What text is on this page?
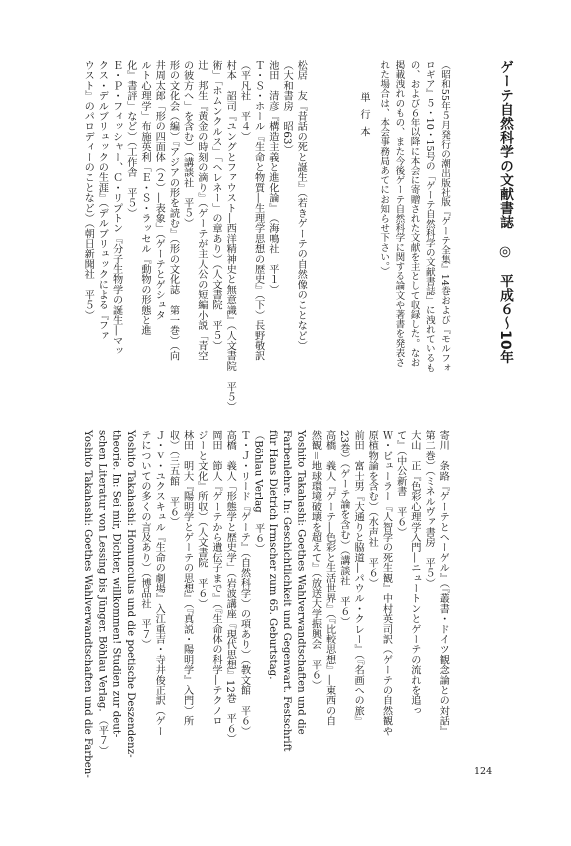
ゲーテ自然科学の文献書誌　◎　平成６〜10年
（昭和55年５月発行の潮出版社版『ゲーテ全集』14巻および『モルフォ
ロギア』５・10・15号の「ゲーテ自然科学の文献書誌」に洩れているも
の、および６年以降に本会に寄贈された文献を主として収録した。なお
掲載洩れのもの、また今後ゲーテ自然科学に関する論文や著書を発表さ
れた場合は、本会事務局あてにお知らせ下さい。）
単行本
松居　友『昔話の死と誕生』（若きゲーテの自然像のことなど）
（大和書房　昭63）
池田　清彦『構造主義と進化論』　（海鳴社　平１）
Ｔ・Ｓ・ホール『生命と物質―生理学思想の歴史』（下）長野敬訳
（平凡社　平４）
村本　詔司『ユングとファウスト―西洋精神史と無意識』（人文書院　平５）
術」「ホムンクルス」「ヘレネー」の章あり）（人文書院　平５）
辻　邦生『黄金の時刻の滴り』（ゲーテが主人公の短編小説「青空
の彼方へ」を含む）（講談社　平５）
形の文化会（編）『アジアの形を読む』（形の文化誌　第一巻）（向
井周太郎「形の四面体（２）―表象」（ゲーテとゲシュタ
ルト心理学」布施英利「Ｅ・Ｓ・ラッセル『動物の形態と進
化』書評」など）（工作舎　平５）
Ｅ・Ｐ・フィッシャー、Ｃ・リプトン『分子生物学の誕生―マッ
クス・デルブリュックの生涯』（デルブリュックによる『ファ
ウスト』のパロディーのことなど）（朝日新聞社　平５）
寄川　条路『ゲーテとヘーゲル』（『叢書・ドイツ観念論との対話』
第二巻）（ミネルヴァ書房　平５）
大山　正『色彩心理学入門―ニュートンとゲーテの流れを追っ
て』（中公新書　平６）
Ｗ・ビューラー『人智学の死生観』中村英司訳（ゲーテの自然観や
原植物論を含む）（水声社　平６）
前田　富士男『大通りと脇道―パウル・クレー』（『名画への旅』
23巻）（ゲーテ論を含む）（講談社　平６）
高橋　義人『ゲーテ―色彩と生活世界』（『比較思想』―東西の自
然観＝地球環境破壊を超えて』（放送大学振興会　平６）
Yoshito Takahashi: Goethes Wahlverwandtschaften und die
Farbenlehre. In: Geschichtlichkeit und Gegenwart. Festschrift
für Hans Dietrich Irmscher zum 65. Geburtstag.
（Böhlau Verlag　平６）
Ｔ・Ｊ・リード『ゲーテ』（自然科学）の項あり）（教文館　平６）
高橋　義人「形態学と歴史学」（岩波講座『現代思想』12巻　平６）
岡田　節人『ゲーテから遺伝子まで』（『生命体の科学―テクノロ
ジーと文化』所収）（人文書院　平６）
林田　明大『陽明学とゲーテの思想』（『真説・陽明学』入門）所
収）（三五館　平６）
Ｊ・ｖ・ユクスキュル『生命の劇場』入江重吉・寺井俊正訳（ゲー
テについての多くの言及あり）（博品社　平７）
Yoshito Takahashi: Homunculus und die poetische Deszendenz-
theorie. In: Sei mir, Dichter, willkommen! Studien zur deut-
schen Literatur von Lessing bis Jünger. Böhlau Verlag. （平７）
Yoshito Takahashi: Goethes Wahlverwandtschaften und die Farben-	124
